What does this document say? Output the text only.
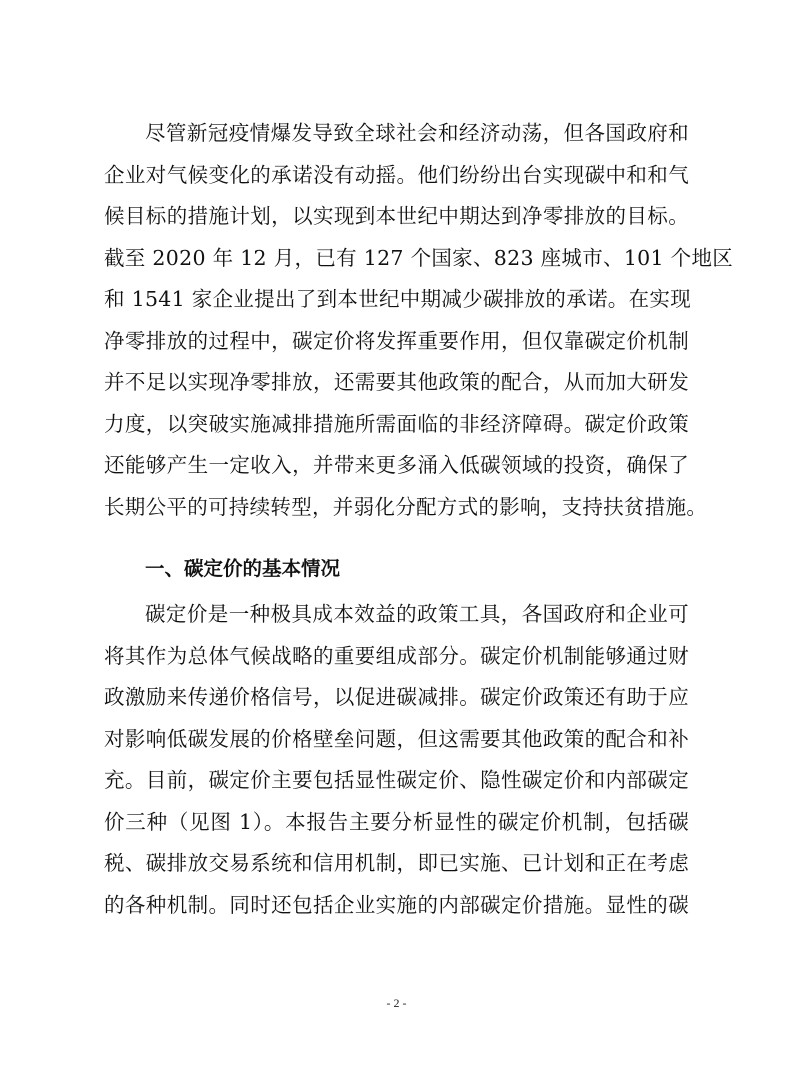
尽管新冠疫情爆发导致全球社会和经济动荡，但各国政府和
企业对气候变化的承诺没有动摇。他们纷纷出台实现碳中和和气
候目标的措施计划，以实现到本世纪中期达到净零排放的目标。
截至 2020 年 12 月，已有 127 个国家、823 座城市、101 个地区
和 1541 家企业提出了到本世纪中期减少碳排放的承诺。在实现
净零排放的过程中，碳定价将发挥重要作用，但仅靠碳定价机制
并不足以实现净零排放，还需要其他政策的配合，从而加大研发
力度，以突破实施减排措施所需面临的非经济障碍。碳定价政策
还能够产生一定收入，并带来更多涌入低碳领域的投资，确保了
长期公平的可持续转型，并弱化分配方式的影响，支持扶贫措施。
一、碳定价的基本情况
碳定价是一种极具成本效益的政策工具，各国政府和企业可
将其作为总体气候战略的重要组成部分。碳定价机制能够通过财
政激励来传递价格信号，以促进碳减排。碳定价政策还有助于应
对影响低碳发展的价格壁垒问题，但这需要其他政策的配合和补
充。目前，碳定价主要包括显性碳定价、隐性碳定价和内部碳定
价三种（见图 1）。本报告主要分析显性的碳定价机制，包括碳
税、碳排放交易系统和信用机制，即已实施、已计划和正在考虑
的各种机制。同时还包括企业实施的内部碳定价措施。显性的碳
- 2 -
